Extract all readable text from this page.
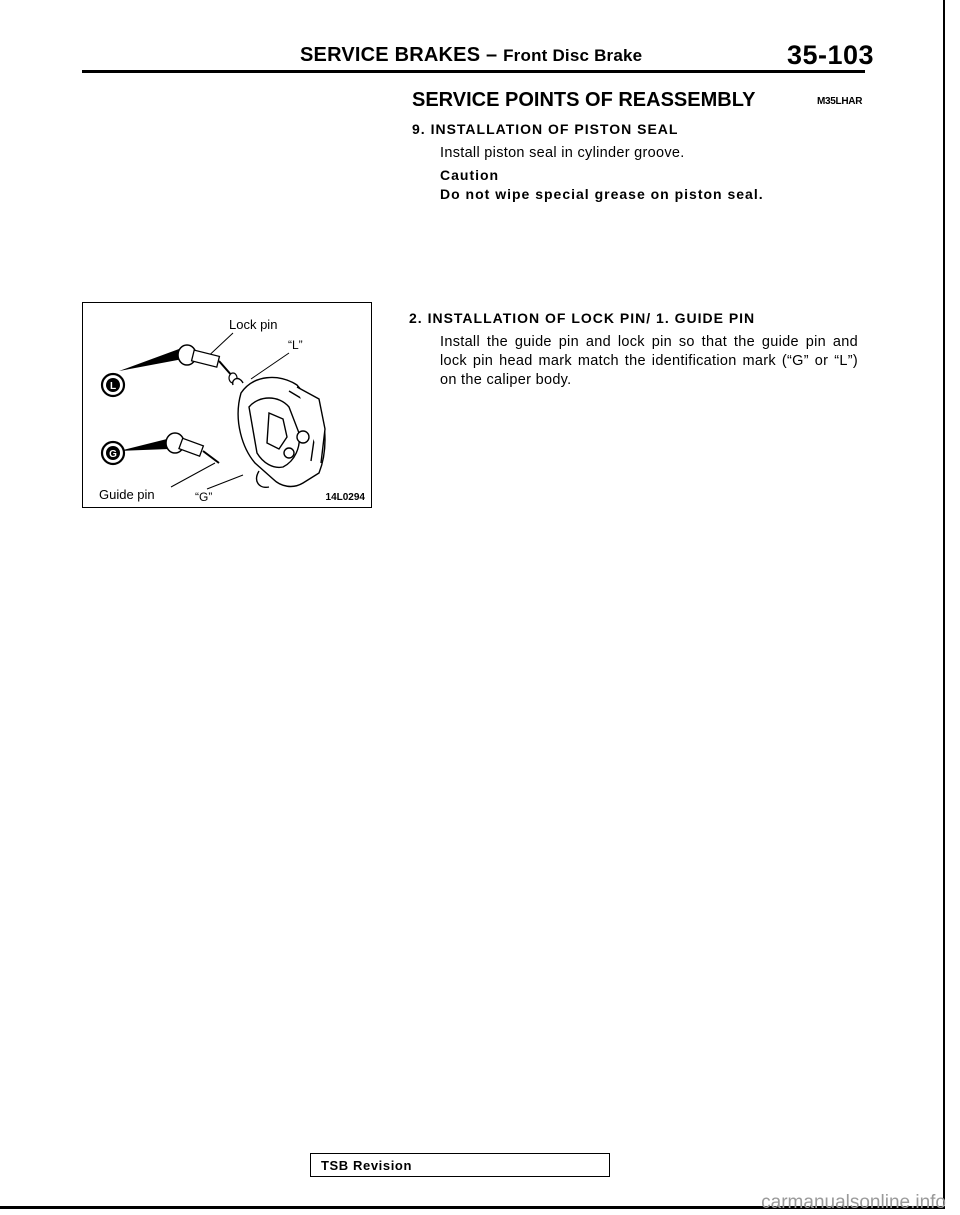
SERVICE BRAKES – Front Disc Brake	35-103
SERVICE POINTS OF REASSEMBLY	M35LHAR
9. INSTALLATION OF PISTON SEAL
Install piston seal in cylinder groove.
Caution
Do not wipe special grease on piston seal.
2. INSTALLATION OF LOCK PIN/ 1. GUIDE PIN
Install the guide pin and lock pin so that the guide pin and lock pin head mark match the identification mark (“G” or “L”) on the caliper body.
Lock pin
“L”
L
G
Guide pin	“G”	14L0294
TSB Revision
carmanualsonline.info
